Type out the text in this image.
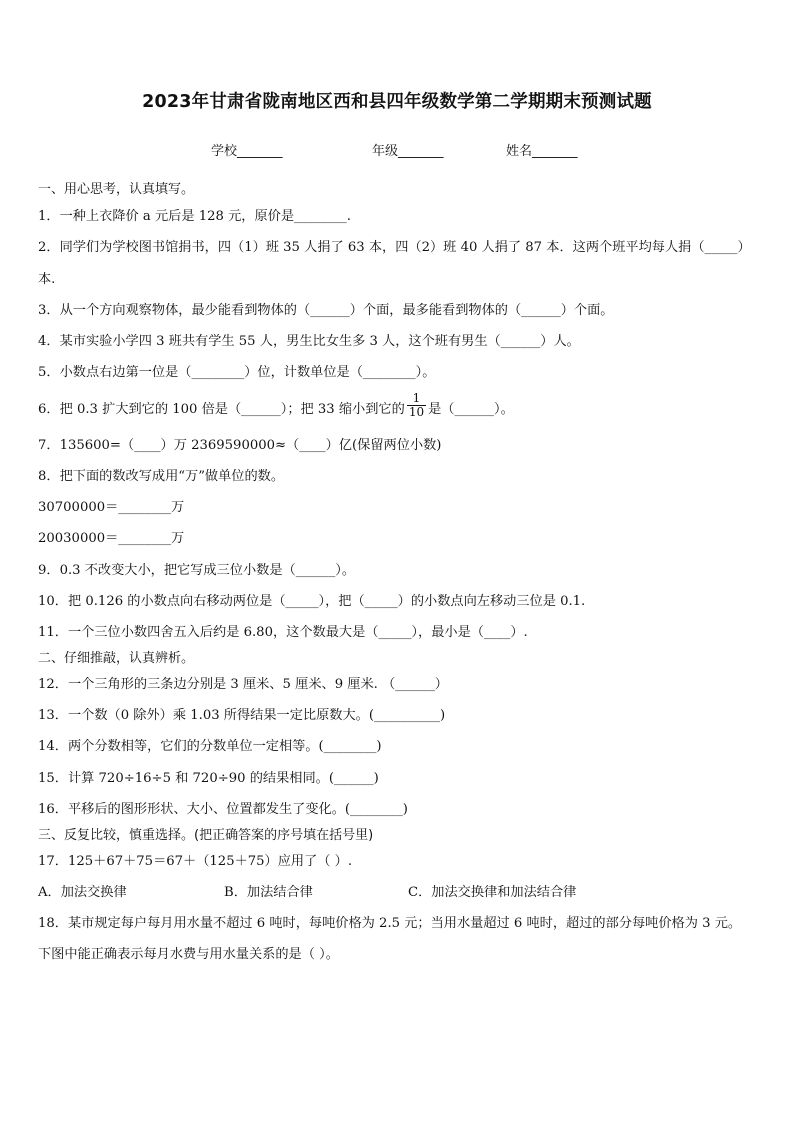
2023年甘肃省陇南地区西和县四年级数学第二学期期末预测试题
学校_______	年级_______	姓名_______
一、用心思考，认真填写。
1．一种上衣降价 a 元后是 128 元，原价是________.
2．同学们为学校图书馆捐书，四（1）班 35 人捐了 63 本，四（2）班 40 人捐了 87 本．这两个班平均每人捐（_____）
本.
3．从一个方向观察物体，最少能看到物体的（______）个面，最多能看到物体的（______）个面。
4．某市实验小学四 3 班共有学生 55 人，男生比女生多 3 人，这个班有男生（______）人。
5．小数点右边第一位是（________）位，计数单位是（________）。
6．把 0.3 扩大到它的 100 倍是（______）；把 33 缩小到它的 $\frac{1}{10}$ 是（______）。
7．135600=（____）万 2369590000≈（____）亿(保留两位小数)
8．把下面的数改写成用“万”做单位的数。
30700000＝________万
20030000＝________万
9．0.3 不改变大小，把它写成三位小数是（______）。
10．把 0.126 的小数点向右移动两位是（_____），把（_____）的小数点向左移动三位是 0.1.
11．一个三位小数四舍五入后约是 6.80，这个数最大是（_____），最小是（____）.
二、仔细推敲，认真辨析。
12．一个三角形的三条边分别是 3 厘米、5 厘米、9 厘米. （______）
13．一个数（0 除外）乘 1.03 所得结果一定比原数大。(__________)
14．两个分数相等，它们的分数单位一定相等。(________)
15．计算 720÷16÷5 和 720÷90 的结果相同。(______)
16．平移后的图形形状、大小、位置都发生了变化。(________)
三、反复比较，慎重选择。(把正确答案的序号填在括号里)
17．125＋67＋75＝67＋（125＋75）应用了（ ）.
A．加法交换律	B．加法结合律	C．加法交换律和加法结合律
18．某市规定每户每月用水量不超过 6 吨时，每吨价格为 2.5 元；当用水量超过 6 吨时，超过的部分每吨价格为 3 元。
下图中能正确表示每月水费与用水量关系的是（ ）。
